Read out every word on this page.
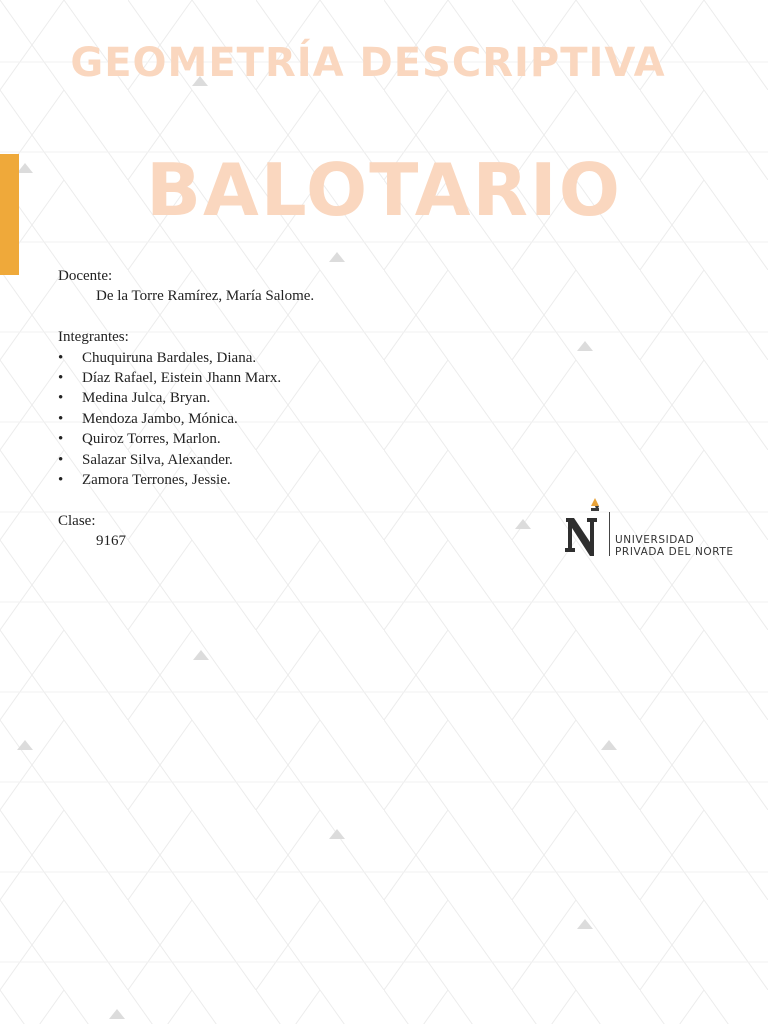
GEOMETRÍA DESCRIPTIVA
BALOTARIO
Docente:
De la Torre Ramírez, María Salome.
Integrantes:
• Chuquiruna Bardales, Diana.
• Díaz Rafael, Eistein Jhann Marx.
• Medina Julca, Bryan.
• Mendoza Jambo, Mónica.
• Quiroz Torres, Marlon.
• Salazar Silva, Alexander.
• Zamora Terrones, Jessie.
Clase:
9167	UNIVERSIDAD
PRIVADA DEL NORTE
